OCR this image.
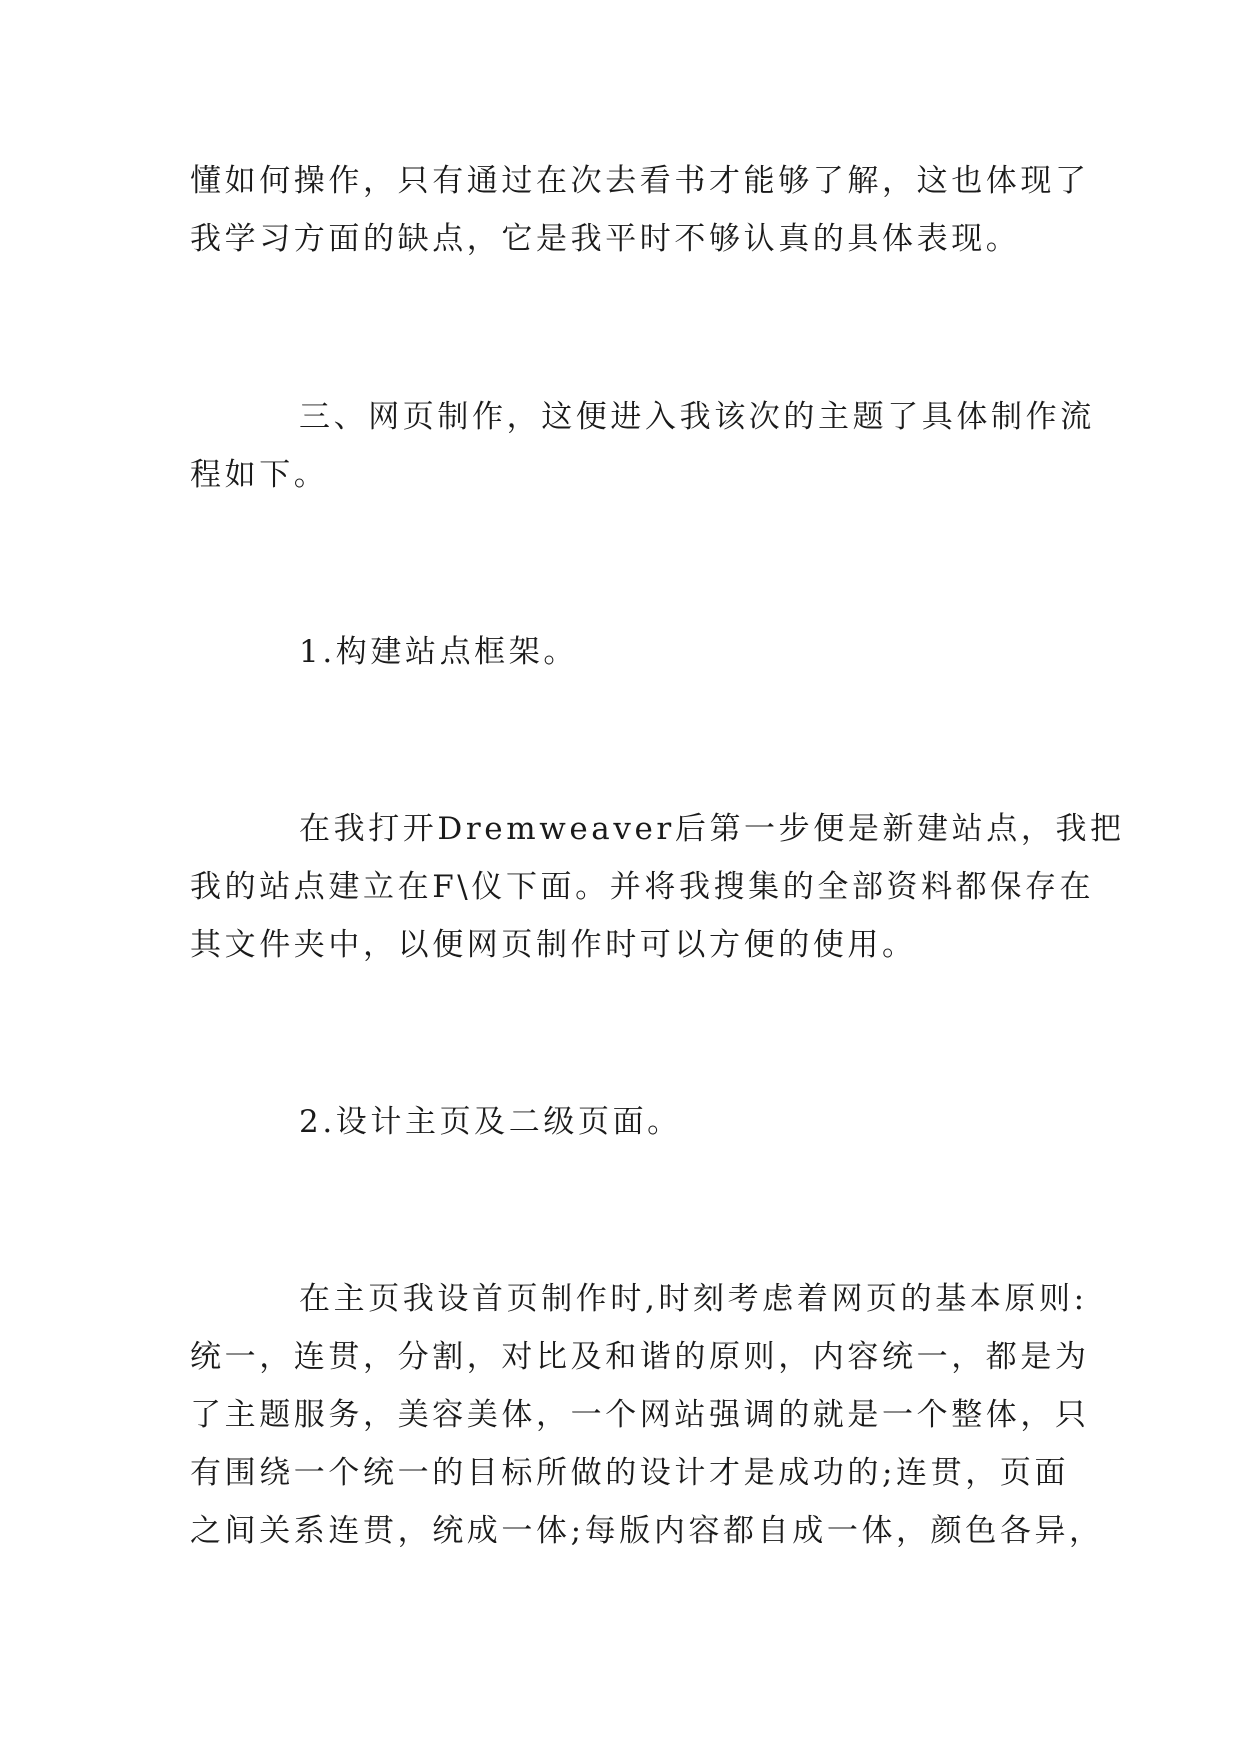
懂如何操作，只有通过在次去看书才能够了解，这也体现了
我学习方面的缺点，它是我平时不够认真的具体表现。

三、网页制作，这便进入我该次的主题了具体制作流
程如下。

1.构建站点框架。

在我打开Dremweaver后第一步便是新建站点，我把
我的站点建立在F\仪下面。并将我搜集的全部资料都保存在
其文件夹中，以便网页制作时可以方便的使用。

2.设计主页及二级页面。

在主页我设首页制作时,时刻考虑着网页的基本原则:
统一，连贯，分割，对比及和谐的原则，内容统一，都是为
了主题服务，美容美体，一个网站强调的就是一个整体，只
有围绕一个统一的目标所做的设计才是成功的;连贯，页面
之间关系连贯，统成一体;每版内容都自成一体，颜色各异，
